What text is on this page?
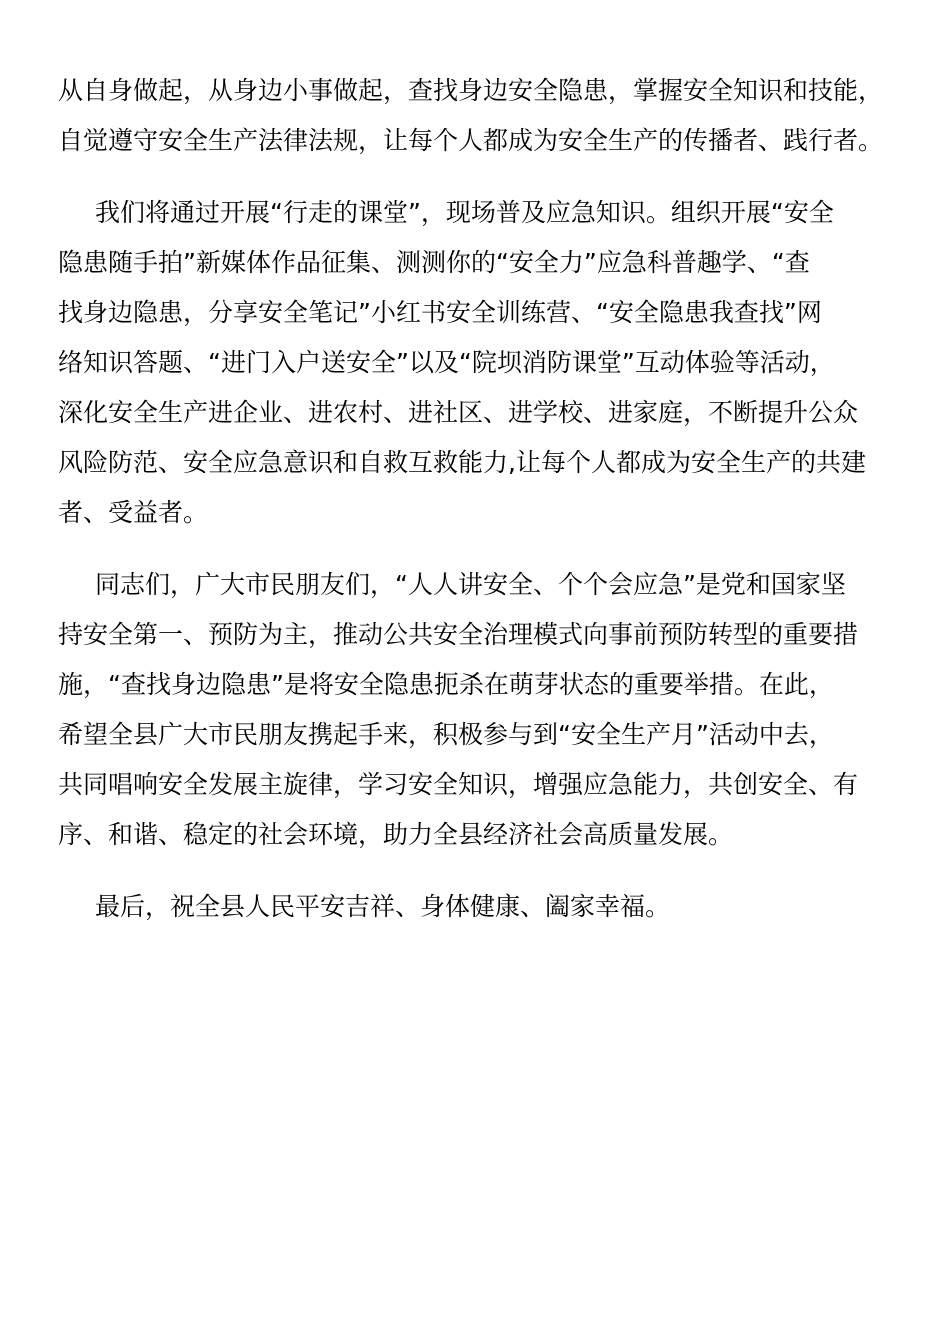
从自身做起，从身边小事做起，查找身边安全隐患，掌握安全知识和技能，
自觉遵守安全生产法律法规，让每个人都成为安全生产的传播者、践行者。
我们将通过开展“行走的课堂”，现场普及应急知识。组织开展“安全
隐患随手拍”新媒体作品征集、测测你的“安全力”应急科普趣学、“查
找身边隐患，分享安全笔记”小红书安全训练营、“安全隐患我查找”网
络知识答题、“进门入户送安全”以及“院坝消防课堂”互动体验等活动，
深化安全生产进企业、进农村、进社区、进学校、进家庭，不断提升公众
风险防范、安全应急意识和自救互救能力,让每个人都成为安全生产的共建
者、受益者。
同志们，广大市民朋友们，“人人讲安全、个个会应急”是党和国家坚
持安全第一、预防为主，推动公共安全治理模式向事前预防转型的重要措
施，“查找身边隐患”是将安全隐患扼杀在萌芽状态的重要举措。在此，
希望全县广大市民朋友携起手来，积极参与到“安全生产月”活动中去，
共同唱响安全发展主旋律，学习安全知识，增强应急能力，共创安全、有
序、和谐、稳定的社会环境，助力全县经济社会高质量发展。
最后，祝全县人民平安吉祥、身体健康、阖家幸福。
